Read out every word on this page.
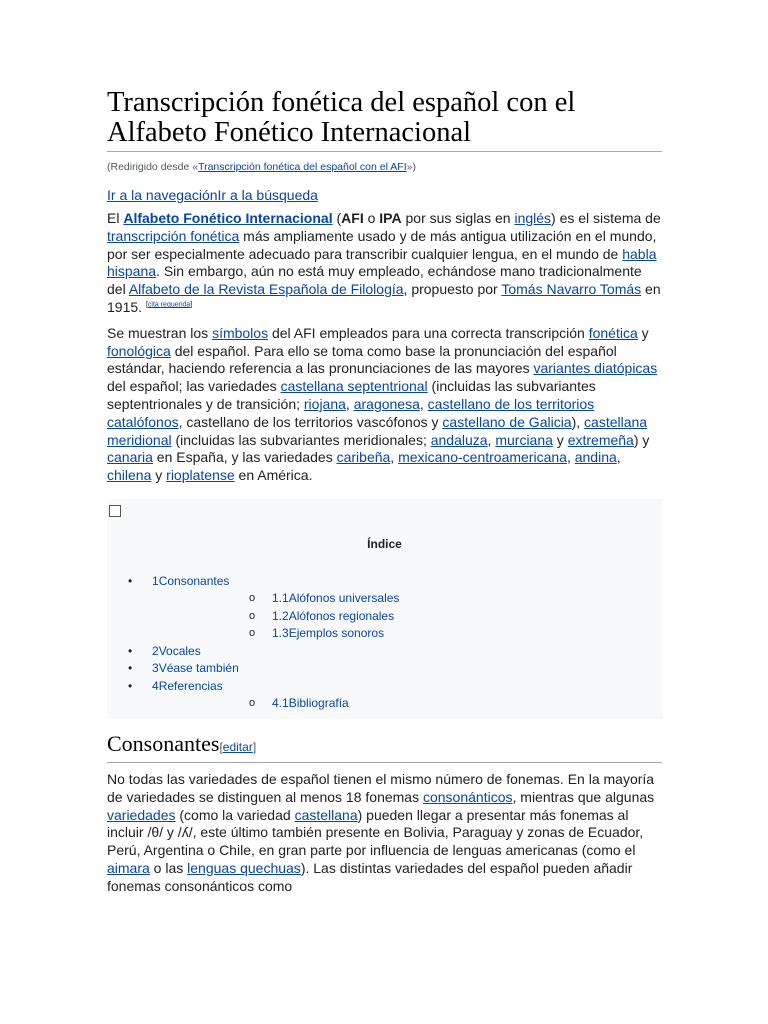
Transcripción fonética del español con el Alfabeto Fonético Internacional
(Redirigido desde «Transcripción fonética del español con el AFI»)
Ir a la navegaciónIr a la búsqueda

El Alfabeto Fonético Internacional (AFI o IPA por sus siglas en inglés) es el sistema de transcripción fonética más ampliamente usado y de más antigua utilización en el mundo, por ser especialmente adecuado para transcribir cualquier lengua, en el mundo de habla hispana. Sin embargo, aún no está muy empleado, echándose mano tradicionalmente del Alfabeto de la Revista Española de Filología, propuesto por Tomás Navarro Tomás en 1915. [cita requerida]

Se muestran los símbolos del AFI empleados para una correcta transcripción fonética y fonológica del español. Para ello se toma como base la pronunciación del español estándar, haciendo referencia a las pronunciaciones de las mayores variantes diatópicas del español; las variedades castellana septentrional (incluidas las subvariantes septentrionales y de transición; riojana, aragonesa, castellano de los territorios catalófonos, castellano de los territorios vascófonos y castellano de Galicia), castellana meridional (incluidas las subvariantes meridionales; andaluza, murciana y extremeña) y canaria en España, y las variedades caribeña, mexicano-centroamericana, andina, chilena y rioplatense en América.

Índice
• 1Consonantes
o 1.1Alófonos universales
o 1.2Alófonos regionales
o 1.3Ejemplos sonoros
• 2Vocales
• 3Véase también
• 4Referencias
o 4.1Bibliografía
Consonantes[editar]

No todas las variedades de español tienen el mismo número de fonemas. En la mayoría de variedades se distinguen al menos 18 fonemas consonánticos, mientras que algunas variedades (como la variedad castellana) pueden llegar a presentar más fonemas al incluir /θ/ y /ʎ/, este último también presente en Bolivia, Paraguay y zonas de Ecuador, Perú, Argentina o Chile, en gran parte por influencia de lenguas americanas (como el aimara o las lenguas quechuas). Las distintas variedades del español pueden añadir fonemas consonánticos como
